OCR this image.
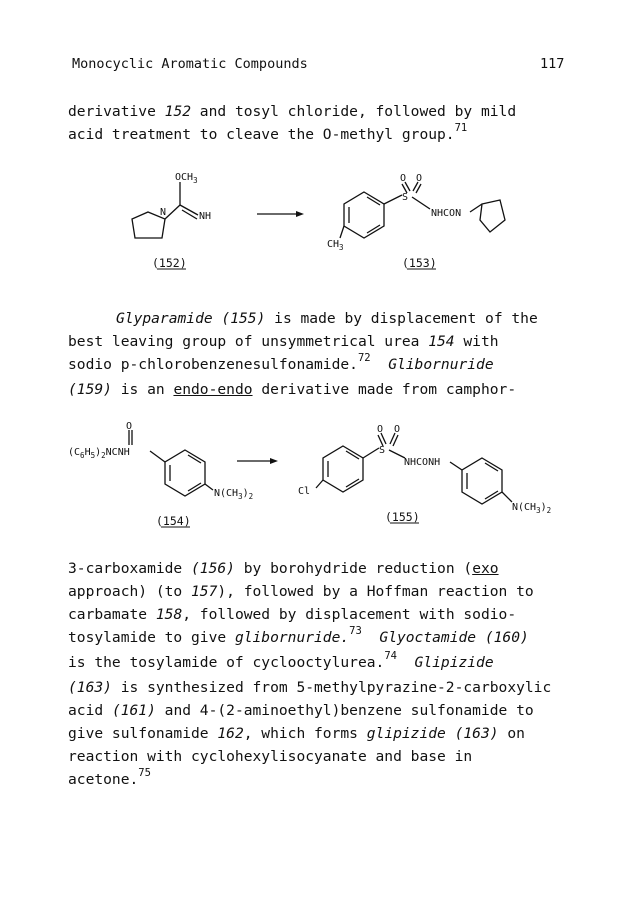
Monocyclic Aromatic Compounds	117
derivative 152 and tosyl chloride, followed by mild
acid treatment to cleave the O-methyl group.$^{71}$
$OCH_3$
N	NH
(152)
O O
S
NHCON
$CH_3$
(153)
Glyparamide (155) is made by displacement of the
best leaving group of unsymmetrical urea 154 with
sodio p-chlorobenzenesulfonamide.$^{72}$ Glibornuride
(159) is an endo-endo derivative made from camphor-
O
$(C_6H_5)_2NCNH$
$N(CH_3)_2$
(154)
O O
S
NHCONH
Cl
$N(CH_3)_2$
(155)
3-carboxamide (156) by borohydride reduction (exo
approach) (to 157), followed by a Hoffman reaction to
carbamate 158, followed by displacement with sodio-
tosylamide to give glibornuride.$^{73}$ Glyoctamide (160)
is the tosylamide of cyclooctylurea.$^{74}$ Glipizide
(163) is synthesized from 5-methylpyrazine-2-carboxylic
acid (161) and 4-(2-aminoethyl)benzene sulfonamide to
give sulfonamide 162, which forms glipizide (163) on
reaction with cyclohexylisocyanate and base in
acetone.$^{75}$
